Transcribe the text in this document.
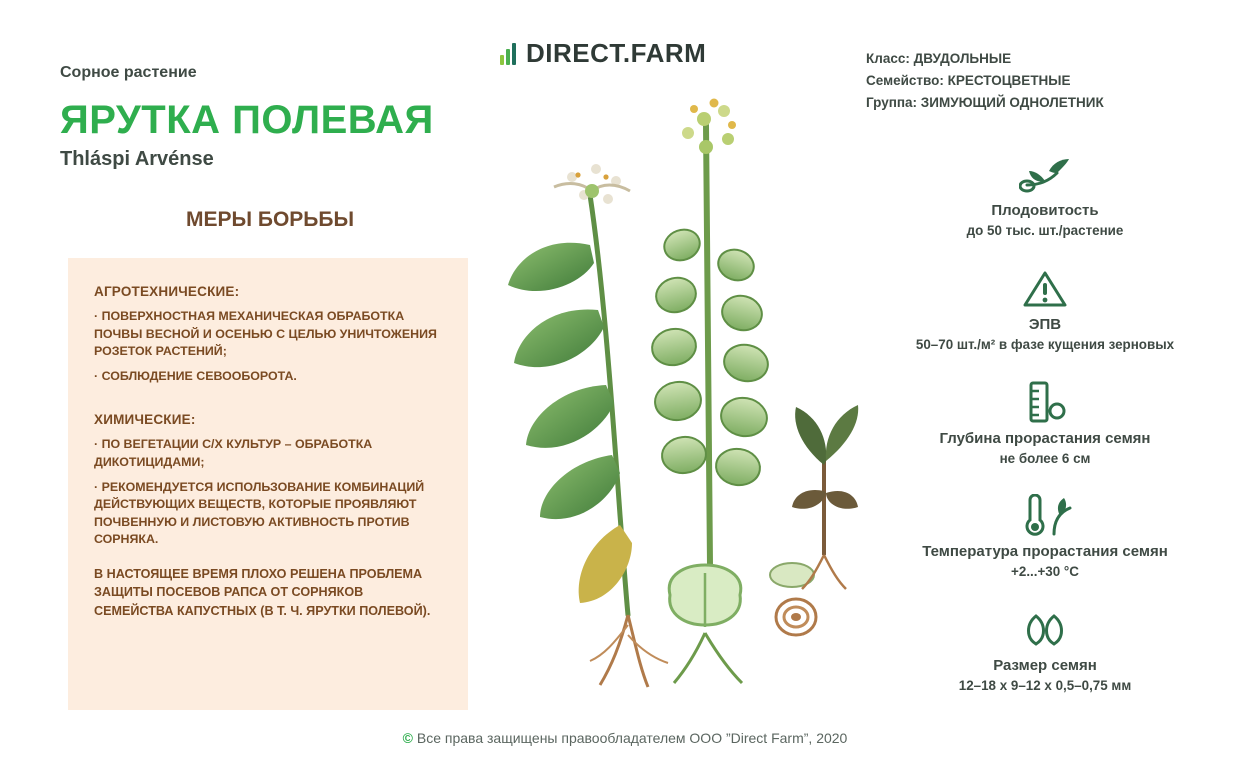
DIRECT.FARM
Сорное растение
ЯРУТКА ПОЛЕВАЯ
Thláspi Arvénse
МЕРЫ БОРЬБЫ
АГРОТЕХНИЧЕСКИЕ:
· ПОВЕРХНОСТНАЯ МЕХАНИЧЕСКАЯ ОБРАБОТКА ПОЧВЫ ВЕСНОЙ И ОСЕНЬЮ С ЦЕЛЬЮ УНИЧТОЖЕНИЯ РОЗЕТОК РАСТЕНИЙ;
· СОБЛЮДЕНИЕ СЕВООБОРОТА.
ХИМИЧЕСКИЕ:
· ПО ВЕГЕТАЦИИ С/Х КУЛЬТУР – ОБРАБОТКА ДИКОТИЦИДАМИ;
· РЕКОМЕНДУЕТСЯ ИСПОЛЬЗОВАНИЕ КОМБИНАЦИЙ ДЕЙСТВУЮЩИХ ВЕЩЕСТВ, КОТОРЫЕ ПРОЯВЛЯЮТ ПОЧВЕННУЮ И ЛИСТОВУЮ АКТИВНОСТЬ ПРОТИВ СОРНЯКА.
В НАСТОЯЩЕЕ ВРЕМЯ ПЛОХО РЕШЕНА ПРОБЛЕМА ЗАЩИТЫ ПОСЕВОВ РАПСА ОТ СОРНЯКОВ СЕМЕЙСТВА КАПУСТНЫХ (В Т. Ч. ЯРУТКИ ПОЛЕВОЙ).
Класс: ДВУДОЛЬНЫЕ
Семейство: КРЕСТОЦВЕТНЫЕ
Группа: ЗИМУЮЩИЙ ОДНОЛЕТНИК
Плодовитость
до 50 тыс. шт./растение
ЭПВ
50–70 шт./м² в фазе кущения зерновых
Глубина прорастания семян
не более 6 см
Температура прорастания семян
+2...+30 °C
Размер семян
12–18 x 9–12 x 0,5–0,75 мм
© Все права защищены правообладателем ООО ”Direct Farm”, 2020
